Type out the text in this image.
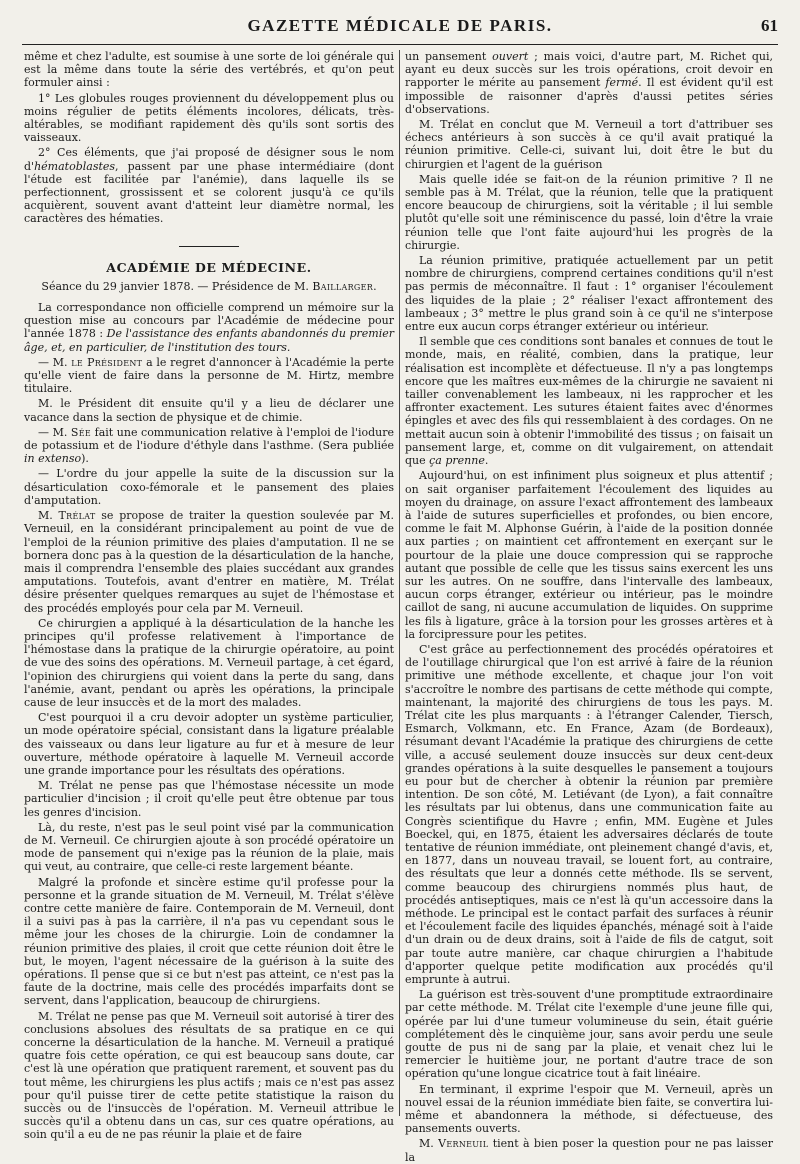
GAZETTE MÉDICALE DE PARIS.	61

même et chez l'adulte, est soumise à une sorte de loi générale qui est la même dans toute la série des vertébrés, et qu'on peut formuler ainsi :

1° Les globules rouges proviennent du développement plus ou moins régulier de petits éléments incolores, délicats, très-altérables, se modifiant rapidement dès qu'ils sont sortis des vaisseaux.

2° Ces éléments, que j'ai proposé de désigner sous le nom d'hématoblastes, passent par une phase intermédiaire (dont l'étude est facilitée par l'anémie), dans laquelle ils se perfectionnent, grossissent et se colorent jusqu'à ce qu'ils acquièrent, souvent avant d'atteint leur diamètre normal, les caractères des hématies.

ACADÉMIE DE MÉDECINE.
Séance du 29 janvier 1878. — Présidence de M. Baillarger.

La correspondance non officielle comprend un mémoire sur la question mise au concours par l'Académie de médecine pour l'année 1878 : De l'assistance des enfants abandonnés du premier âge, et, en particulier, de l'institution des tours.

— M. le Président a le regret d'annoncer à l'Académie la perte qu'elle vient de faire dans la personne de M. Hirtz, membre titulaire.

M. le Président dit ensuite qu'il y a lieu de déclarer une vacance dans la section de physique et de chimie.

— M. Sée fait une communication relative à l'emploi de l'iodure de potassium et de l'iodure d'éthyle dans l'asthme. (Sera publiée in extenso).

— L'ordre du jour appelle la suite de la discussion sur la désarticulation coxo-fémorale et le pansement des plaies d'amputation.

M. Trélat se propose de traiter la question soulevée par M. Verneuil, en la considérant principalement au point de vue de l'emploi de la réunion primitive des plaies d'amputation. Il ne se bornera donc pas à la question de la désarticulation de la hanche, mais il comprendra l'ensemble des plaies succédant aux grandes amputations. Toutefois, avant d'entrer en matière, M. Trélat désire présenter quelques remarques au sujet de l'hémostase et des procédés employés pour cela par M. Verneuil.

Ce chirurgien a appliqué à la désarticulation de la hanche les principes qu'il professe relativement à l'importance de l'hémostase dans la pratique de la chirurgie opératoire, au point de vue des soins des opérations. M. Verneuil partage, à cet égard, l'opinion des chirurgiens qui voient dans la perte du sang, dans l'anémie, avant, pendant ou après les opérations, la principale cause de leur insuccès et de la mort des malades.

C'est pourquoi il a cru devoir adopter un système particulier, un mode opératoire spécial, consistant dans la ligature préalable des vaisseaux ou dans leur ligature au fur et à mesure de leur ouverture, méthode opératoire à laquelle M. Verneuil accorde une grande importance pour les résultats des opérations.

M. Trélat ne pense pas que l'hémostase nécessite un mode particulier d'incision ; il croit qu'elle peut être obtenue par tous les genres d'incision.

Là, du reste, n'est pas le seul point visé par la communication de M. Verneuil. Ce chirurgien ajoute à son procédé opératoire un mode de pansement qui n'exige pas la réunion de la plaie, mais qui veut, au contraire, que celle-ci reste largement béante.

Malgré la profonde et sincère estime qu'il professe pour la personne et la grande situation de M. Verneuil, M. Trélat s'élève contre cette manière de faire. Contemporain de M. Verneuil, dont il a suivi pas à pas la carrière, il n'a pas vu cependant sous le même jour les choses de la chirurgie. Loin de condamner la réunion primitive des plaies, il croit que cette réunion doit être le but, le moyen, l'agent nécessaire de la guérison à la suite des opérations. Il pense que si ce but n'est pas atteint, ce n'est pas la faute de la doctrine, mais celle des procédés imparfaits dont se servent, dans l'application, beaucoup de chirurgiens.

M. Trélat ne pense pas que M. Verneuil soit autorisé à tirer des conclusions absolues des résultats de sa pratique en ce qui concerne la désarticulation de la hanche. M. Verneuil a pratiqué quatre fois cette opération, ce qui est beaucoup sans doute, car c'est là une opération que pratiquent rarement, et souvent pas du tout même, les chirurgiens les plus actifs ; mais ce n'est pas assez pour qu'il puisse tirer de cette petite statistique la raison du succès ou de l'insuccès de l'opération. M. Verneuil attribue le succès qu'il a obtenu dans un cas, sur ces quatre opérations, au soin qu'il a eu de ne pas réunir la plaie et de faire

un pansement ouvert ; mais voici, d'autre part, M. Richet qui, ayant eu deux succès sur les trois opérations, croit devoir en rapporter le mérite au pansement fermé. Il est évident qu'il est impossible de raisonner d'après d'aussi petites séries d'observations.

M. Trélat en conclut que M. Verneuil a tort d'attribuer ses échecs antérieurs à son succès à ce qu'il avait pratiqué la réunion primitive. Celle-ci, suivant lui, doit être le but du chirurgien et l'agent de la guérison

Mais quelle idée se fait-on de la réunion primitive ? Il ne semble pas à M. Trélat, que la réunion, telle que la pratiquent encore beaucoup de chirurgiens, soit la véritable ; il lui semble plutôt qu'elle soit une réminiscence du passé, loin d'être la vraie réunion telle que l'ont faite aujourd'hui les progrès de la chirurgie.

La réunion primitive, pratiquée actuellement par un petit nombre de chirurgiens, comprend certaines conditions qu'il n'est pas permis de méconnaître. Il faut : 1° organiser l'écoulement des liquides de la plaie ; 2° réaliser l'exact affrontement des lambeaux ; 3° mettre le plus grand soin à ce qu'il ne s'interpose entre eux aucun corps étranger extérieur ou intérieur.

Il semble que ces conditions sont banales et connues de tout le monde, mais, en réalité, combien, dans la pratique, leur réalisation est incomplète et défectueuse. Il n'y a pas longtemps encore que les maîtres eux-mêmes de la chirurgie ne savaient ni tailler convenablement les lambeaux, ni les rapprocher et les affronter exactement. Les sutures étaient faites avec d'énormes épingles et avec des fils qui ressemblaient à des cordages. On ne mettait aucun soin à obtenir l'immobilité des tissus ; on faisait un pansement large, et, comme on dit vulgairement, on attendait que ça prenne.

Aujourd'hui, on est infiniment plus soigneux et plus attentif ; on sait organiser parfaitement l'écoulement des liquides au moyen du drainage, on assure l'exact affrontement des lambeaux à l'aide de sutures superficielles et profondes, ou bien encore, comme le fait M. Alphonse Guérin, à l'aide de la position donnée aux parties ; on maintient cet affrontement en exerçant sur le pourtour de la plaie une douce compression qui se rapproche autant que possible de celle que les tissus sains exercent les uns sur les autres. On ne souffre, dans l'intervalle des lambeaux, aucun corps étranger, extérieur ou intérieur, pas le moindre caillot de sang, ni aucune accumulation de liquides. On supprime les fils à ligature, grâce à la torsion pour les grosses artères et à la forcipressure pour les petites.

C'est grâce au perfectionnement des procédés opératoires et de l'outillage chirurgical que l'on est arrivé à faire de la réunion primitive une méthode excellente, et chaque jour l'on voit s'accroître le nombre des partisans de cette méthode qui compte, maintenant, la majorité des chirurgiens de tous les pays. M. Trélat cite les plus marquants : à l'étranger Calender, Tiersch, Esmarch, Volkmann, etc. En France, Azam (de Bordeaux), résumant devant l'Académie la pratique des chirurgiens de cette ville, a accusé seulement douze insuccès sur deux cent-deux grandes opérations à la suite desquelles le pansement a toujours eu pour but de chercher à obtenir la réunion par première intention. De son côté, M. Letiévant (de Lyon), a fait connaître les résultats par lui obtenus, dans une communication faite au Congrès scientifique du Havre ; enfin, MM. Eugène et Jules Boeckel, qui, en 1875, étaient les adversaires déclarés de toute tentative de réunion immédiate, ont pleinement changé d'avis, et, en 1877, dans un nouveau travail, se louent fort, au contraire, des résultats que leur a donnés cette méthode. Ils se servent, comme beaucoup des chirurgiens nommés plus haut, de procédés antiseptiques, mais ce n'est là qu'un accessoire dans la méthode. Le principal est le contact parfait des surfaces à réunir et l'écoulement facile des liquides épanchés, ménagé soit à l'aide d'un drain ou de deux drains, soit à l'aide de fils de catgut, soit par toute autre manière, car chaque chirurgien a l'habitude d'apporter quelque petite modification aux procédés qu'il emprunte à autrui.

La guérison est très-souvent d'une promptitude extraordinaire par cette méthode. M. Trélat cite l'exemple d'une jeune fille qui, opérée par lui d'une tumeur volumineuse du sein, était guérie complétement dès le cinquième jour, sans avoir perdu une seule goutte de pus ni de sang par la plaie, et venait chez lui le remercier le huitième jour, ne portant d'autre trace de son opération qu'une longue cicatrice tout à fait linéaire.

En terminant, il exprime l'espoir que M. Verneuil, après un nouvel essai de la réunion immédiate bien faite, se convertira lui-même et abandonnera la méthode, si défectueuse, des pansements ouverts.

M. Verneuil tient à bien poser la question pour ne pas laisser la
